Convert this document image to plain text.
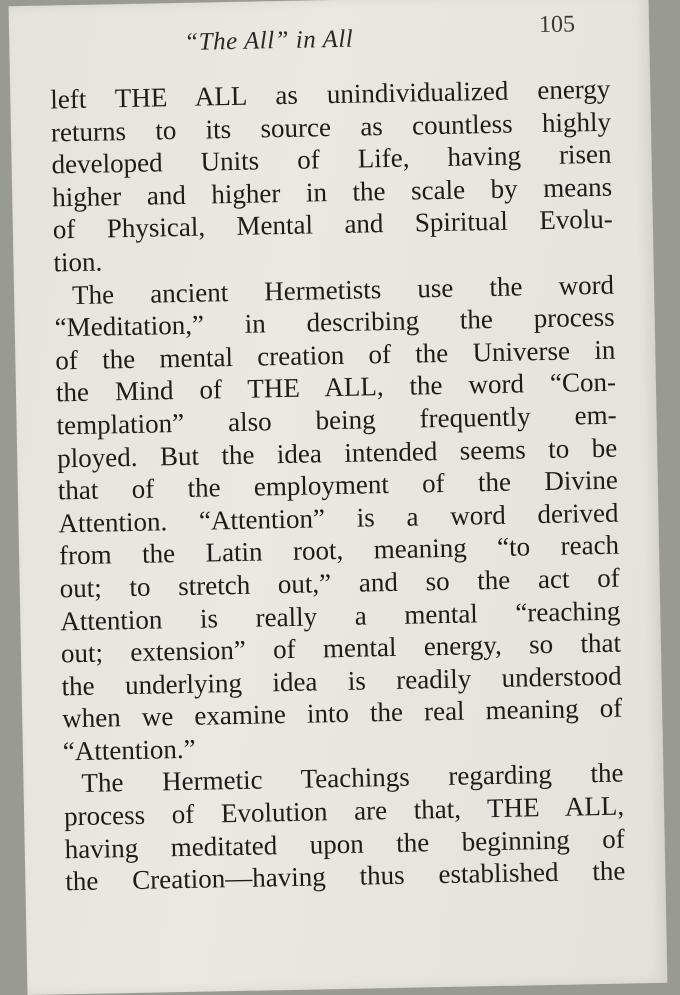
“The All” in All
105
left THE ALL as unindividualized energy
returns to its source as countless highly
developed Units of Life, having risen
higher and higher in the scale by means
of Physical, Mental and Spiritual Evolu-
tion.
The ancient Hermetists use the word
“Meditation,” in describing the process
of the mental creation of the Universe in
the Mind of THE ALL, the word “Con-
templation” also being frequently em-
ployed. But the idea intended seems to be
that of the employment of the Divine
Attention. “Attention” is a word derived
from the Latin root, meaning “to reach
out; to stretch out,” and so the act of
Attention is really a mental “reaching
out; extension” of mental energy, so that
the underlying idea is readily understood
when we examine into the real meaning of
“Attention.”
The Hermetic Teachings regarding the
process of Evolution are that, THE ALL,
having meditated upon the beginning of
the Creation—having thus established the
